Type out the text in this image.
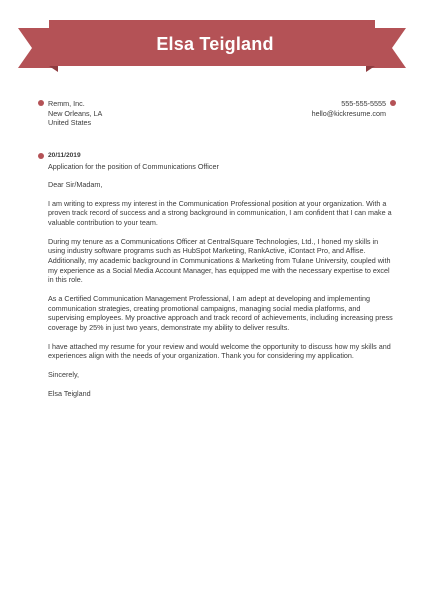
Elsa Teigland
Remm, Inc.
New Orleans, LA
United States
555-555-5555
hello@kickresume.com
20/11/2019

Application for the position of Communications Officer

Dear Sir/Madam,

I am writing to express my interest in the Communication Professional position at your organization. With a proven track record of success and a strong background in communication, I am confident that I can make a valuable contribution to your team.

During my tenure as a Communications Officer at CentralSquare Technologies, Ltd., I honed my skills in using industry software programs such as HubSpot Marketing, RankActive, iContact Pro, and Affise. Additionally, my academic background in Communications & Marketing from Tulane University, coupled with my experience as a Social Media Account Manager, has equipped me with the necessary expertise to excel in this role.

As a Certified Communication Management Professional, I am adept at developing and implementing communication strategies, creating promotional campaigns, managing social media platforms, and supervising employees. My proactive approach and track record of achievements, including increasing press coverage by 25% in just two years, demonstrate my ability to deliver results.

I have attached my resume for your review and would welcome the opportunity to discuss how my skills and experiences align with the needs of your organization. Thank you for considering my application.

Sincerely,

Elsa Teigland
